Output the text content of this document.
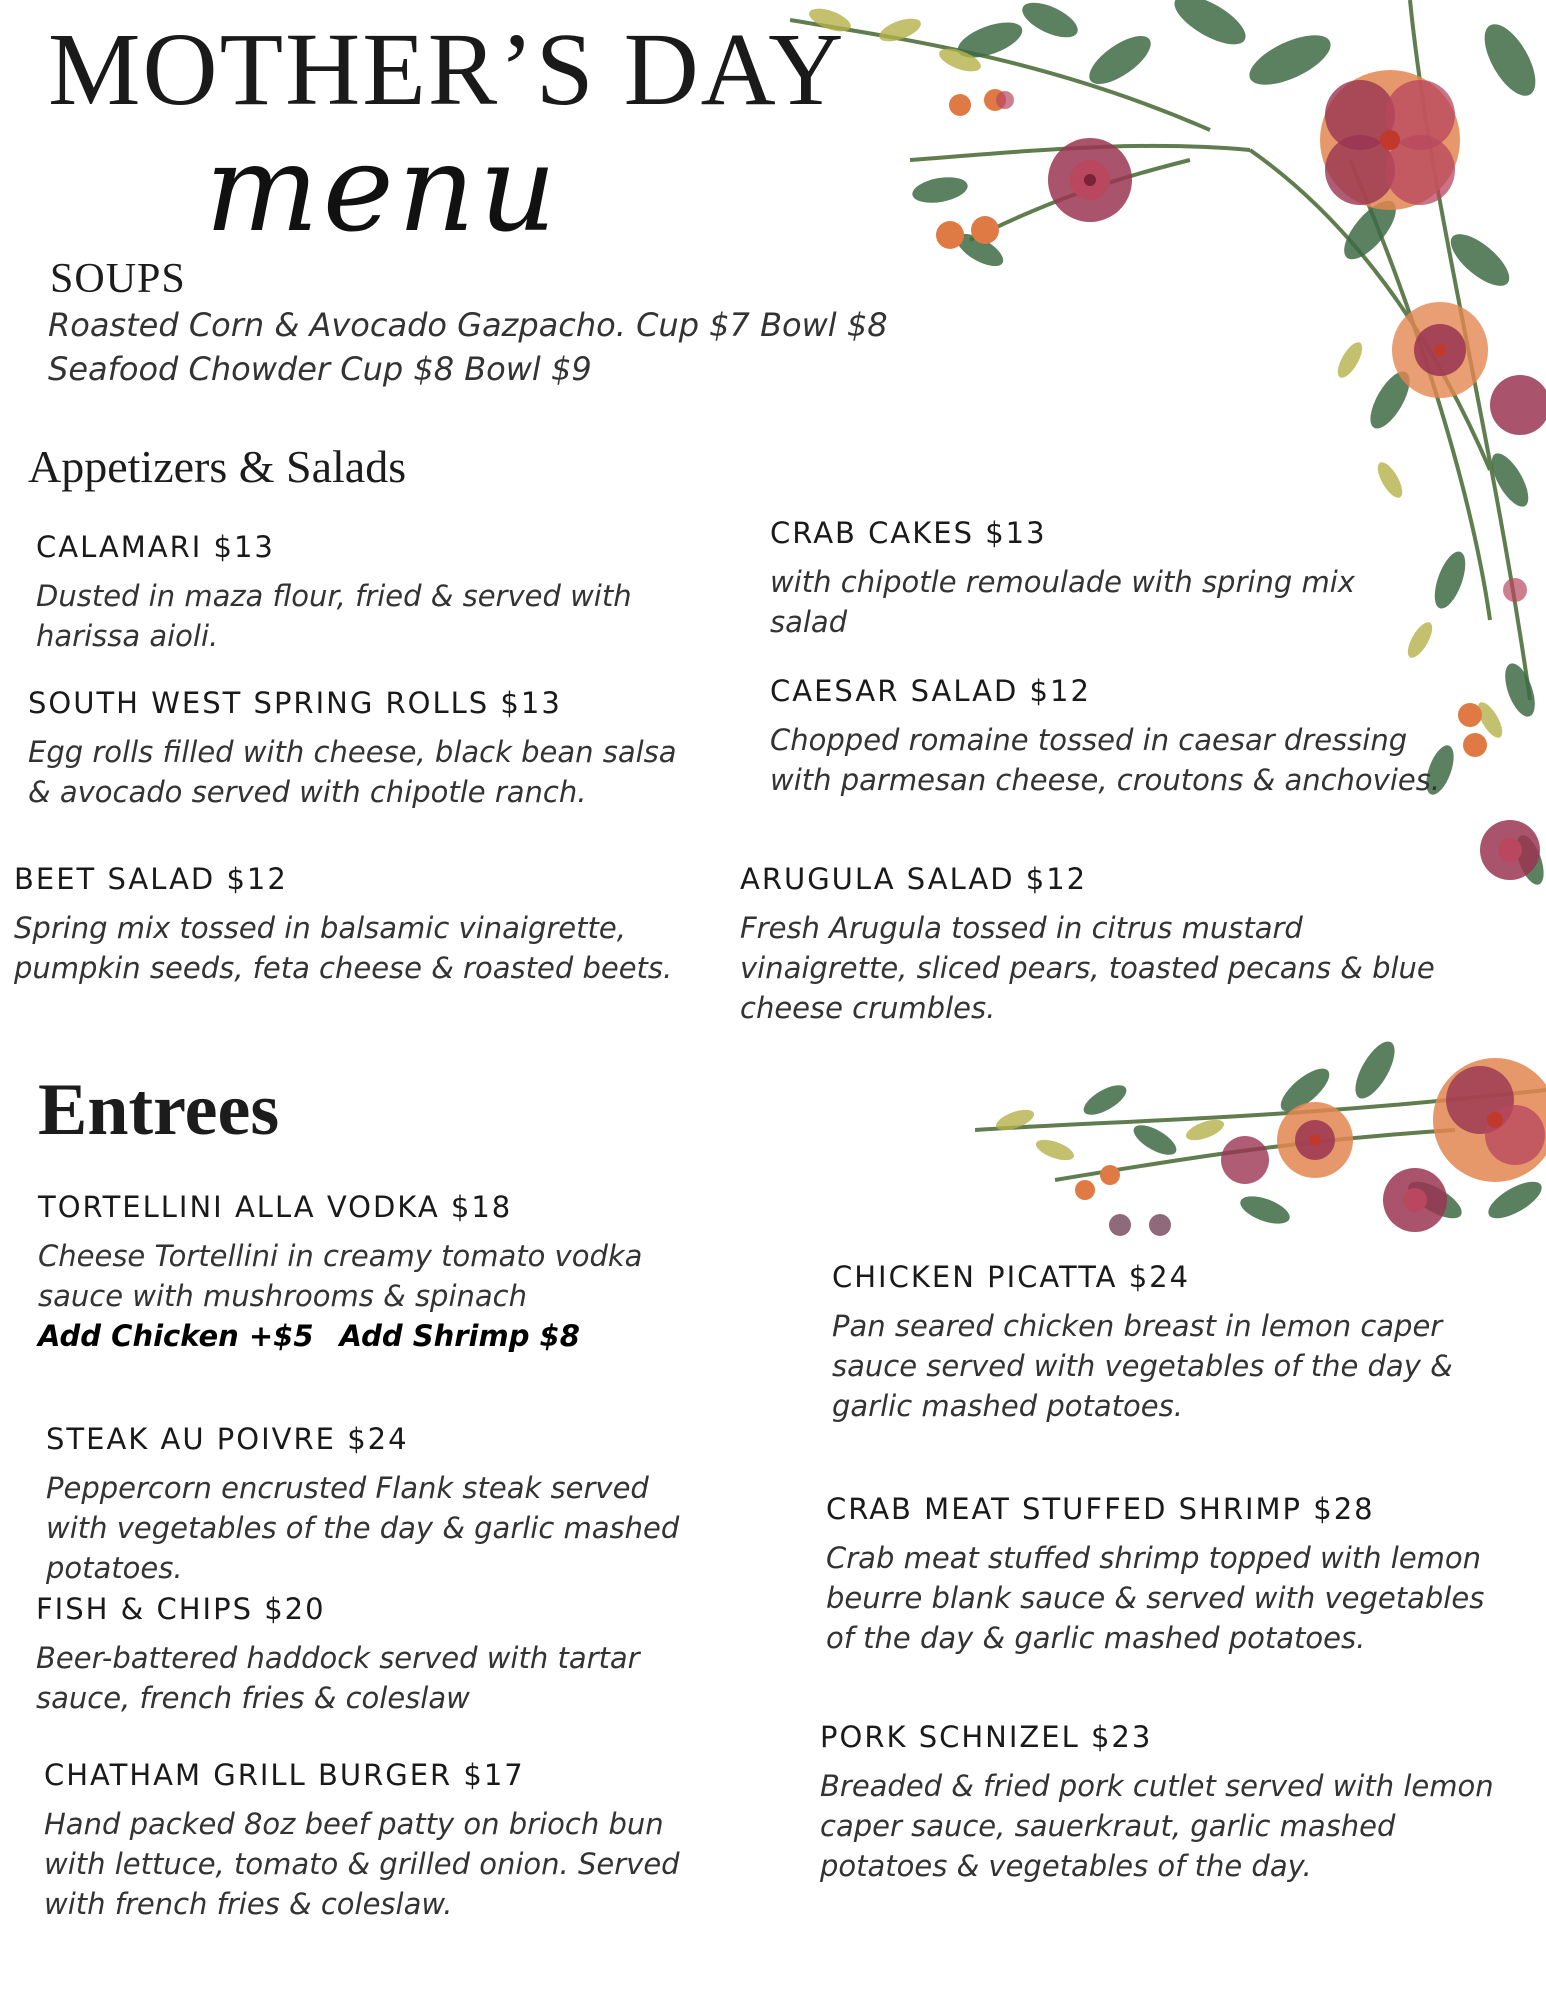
MOTHER’S DAY
menu
SOUPS
Roasted Corn & Avocado Gazpacho. Cup $7 Bowl $8
Seafood Chowder Cup $8 Bowl $9
Appetizers & Salads
CALAMARI $13
Dusted in maza flour, fried & served with harissa aioli.
CRAB CAKES $13
with chipotle remoulade with spring mix salad
SOUTH WEST SPRING ROLLS $13
Egg rolls filled with cheese, black bean salsa & avocado served with chipotle ranch.
CAESAR SALAD $12
Chopped romaine tossed in caesar dressing with parmesan cheese, croutons & anchovies.
BEET SALAD $12
Spring mix tossed in balsamic vinaigrette, pumpkin seeds, feta cheese & roasted beets.
ARUGULA SALAD $12
Fresh Arugula tossed in citrus mustard vinaigrette, sliced pears, toasted pecans & blue cheese crumbles.
Entrees
TORTELLINI ALLA VODKA $18
Cheese Tortellini in creamy tomato vodka sauce with mushrooms & spinach
Add Chicken +$5 Add Shrimp $8
CHICKEN PICATTA $24
Pan seared chicken breast in lemon caper sauce served with vegetables of the day & garlic mashed potatoes.
STEAK AU POIVRE $24
Peppercorn encrusted Flank steak served with vegetables of the day & garlic mashed potatoes.
CRAB MEAT STUFFED SHRIMP $28
Crab meat stuffed shrimp topped with lemon beurre blank sauce & served with vegetables of the day & garlic mashed potatoes.
FISH & CHIPS $20
Beer-battered haddock served with tartar sauce, french fries & coleslaw
PORK SCHNIZEL $23
Breaded & fried pork cutlet served with lemon caper sauce, sauerkraut, garlic mashed potatoes & vegetables of the day.
CHATHAM GRILL BURGER $17
Hand packed 8oz beef patty on brioch bun with lettuce, tomato & grilled onion. Served with french fries & coleslaw.
